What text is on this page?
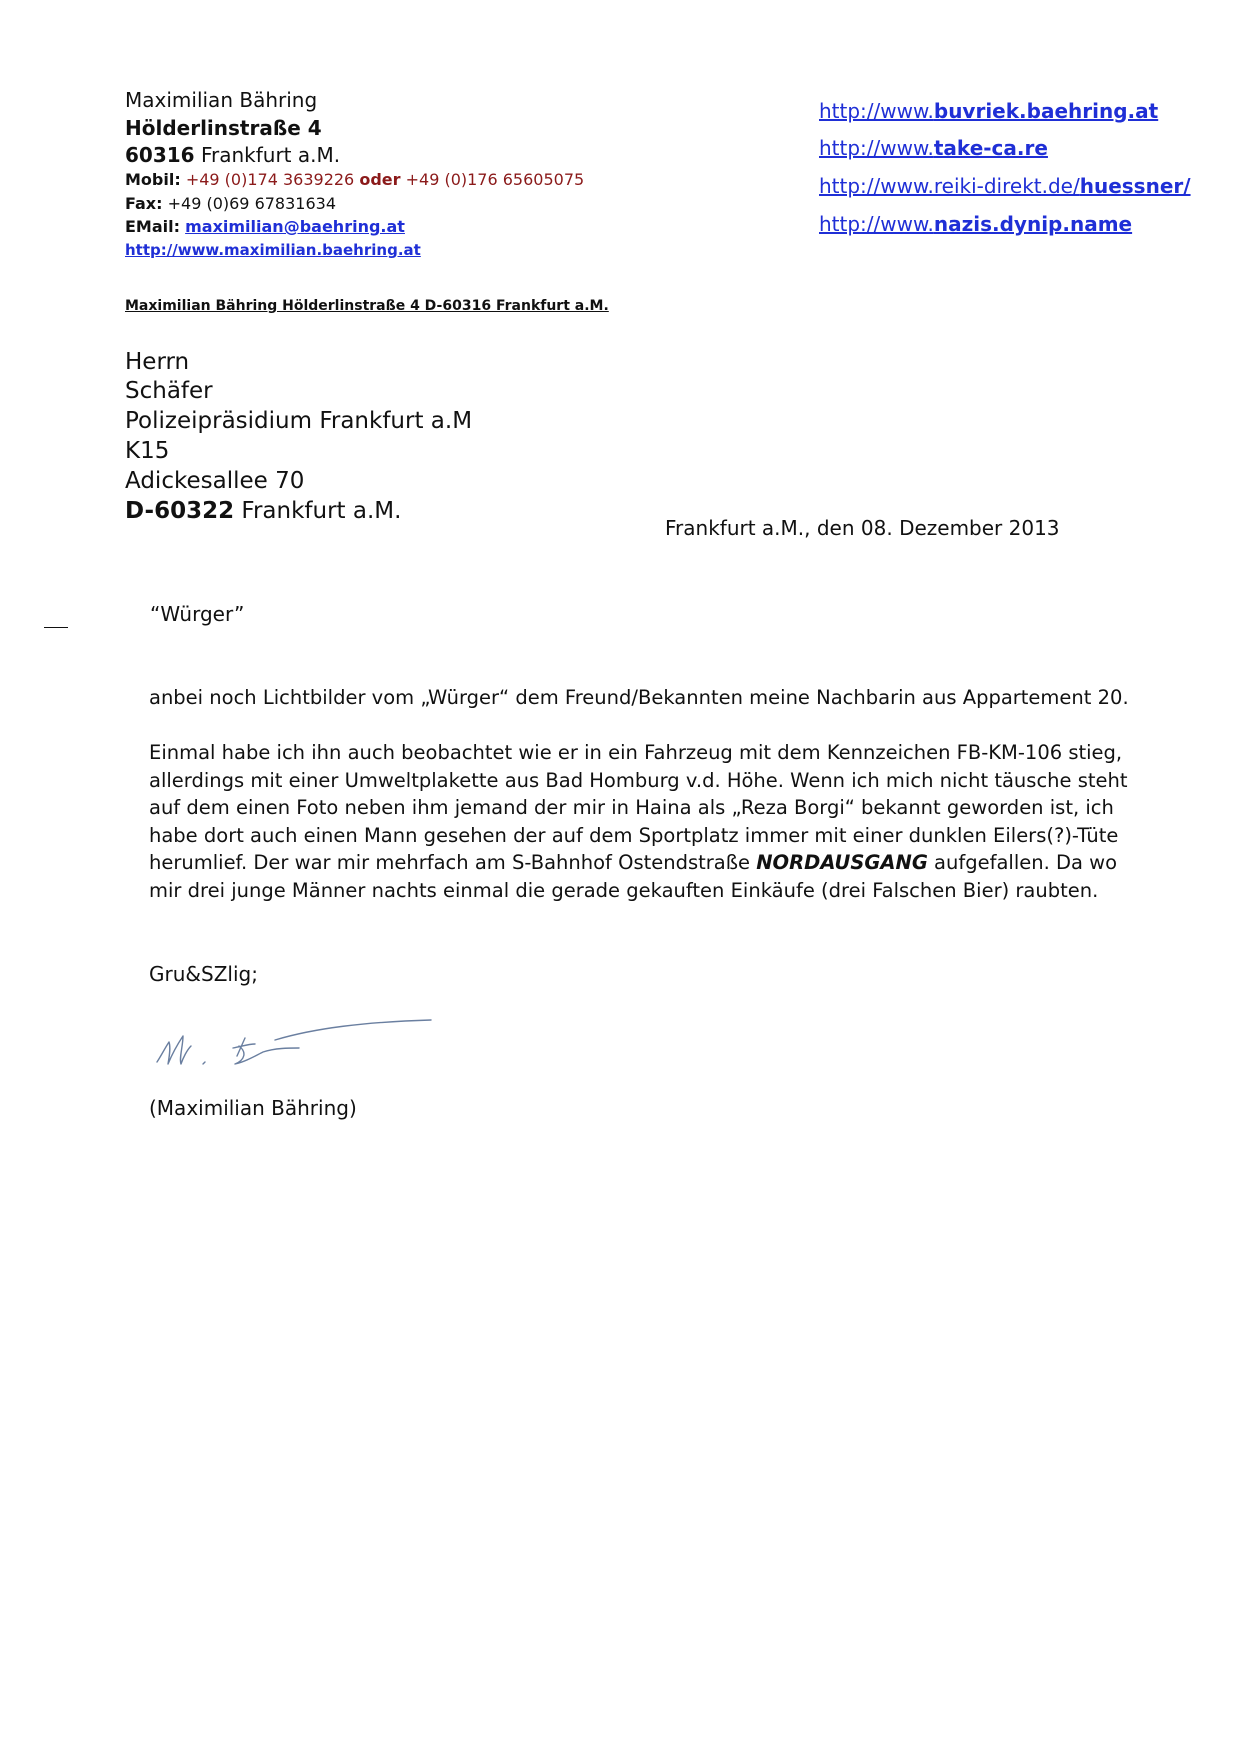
Maximilian Bähring
Hölderlinstraße 4
60316 Frankfurt a.M.
Mobil: +49 (0)174 3639226 oder +49 (0)176 65605075
Fax: +49 (0)69 67831634
EMail: maximilian@baehring.at
http://www.maximilian.baehring.at
http://www.buvriek.baehring.at
http://www.take-ca.re
http://www.reiki-direkt.de/huessner/
http://www.nazis.dynip.name
Maximilian Bähring Hölderlinstraße 4 D-60316 Frankfurt a.M.
Herrn
Schäfer
Polizeipräsidium Frankfurt a.M
K15
Adickesallee 70
D-60322 Frankfurt a.M.
Frankfurt a.M., den 08. Dezember 2013
“Würger”
anbei noch Lichtbilder vom „Würger“ dem Freund/Bekannten meine Nachbarin aus Appartement 20.
Einmal habe ich ihn auch beobachtet wie er in ein Fahrzeug mit dem Kennzeichen FB-KM-106 stieg,
allerdings mit einer Umweltplakette aus Bad Homburg v.d. Höhe. Wenn ich mich nicht täusche steht
auf dem einen Foto neben ihm jemand der mir in Haina als „Reza Borgi“ bekannt geworden ist, ich
habe dort auch einen Mann gesehen der auf dem Sportplatz immer mit einer dunklen Eilers(?)-Tüte
herumlief. Der war mir mehrfach am S-Bahnhof Ostendstraße NORDAUSGANG aufgefallen. Da wo
mir drei junge Männer nachts einmal die gerade gekauften Einkäufe (drei Falschen Bier) raubten.
Gru&SZlig;
(Maximilian Bähring)
